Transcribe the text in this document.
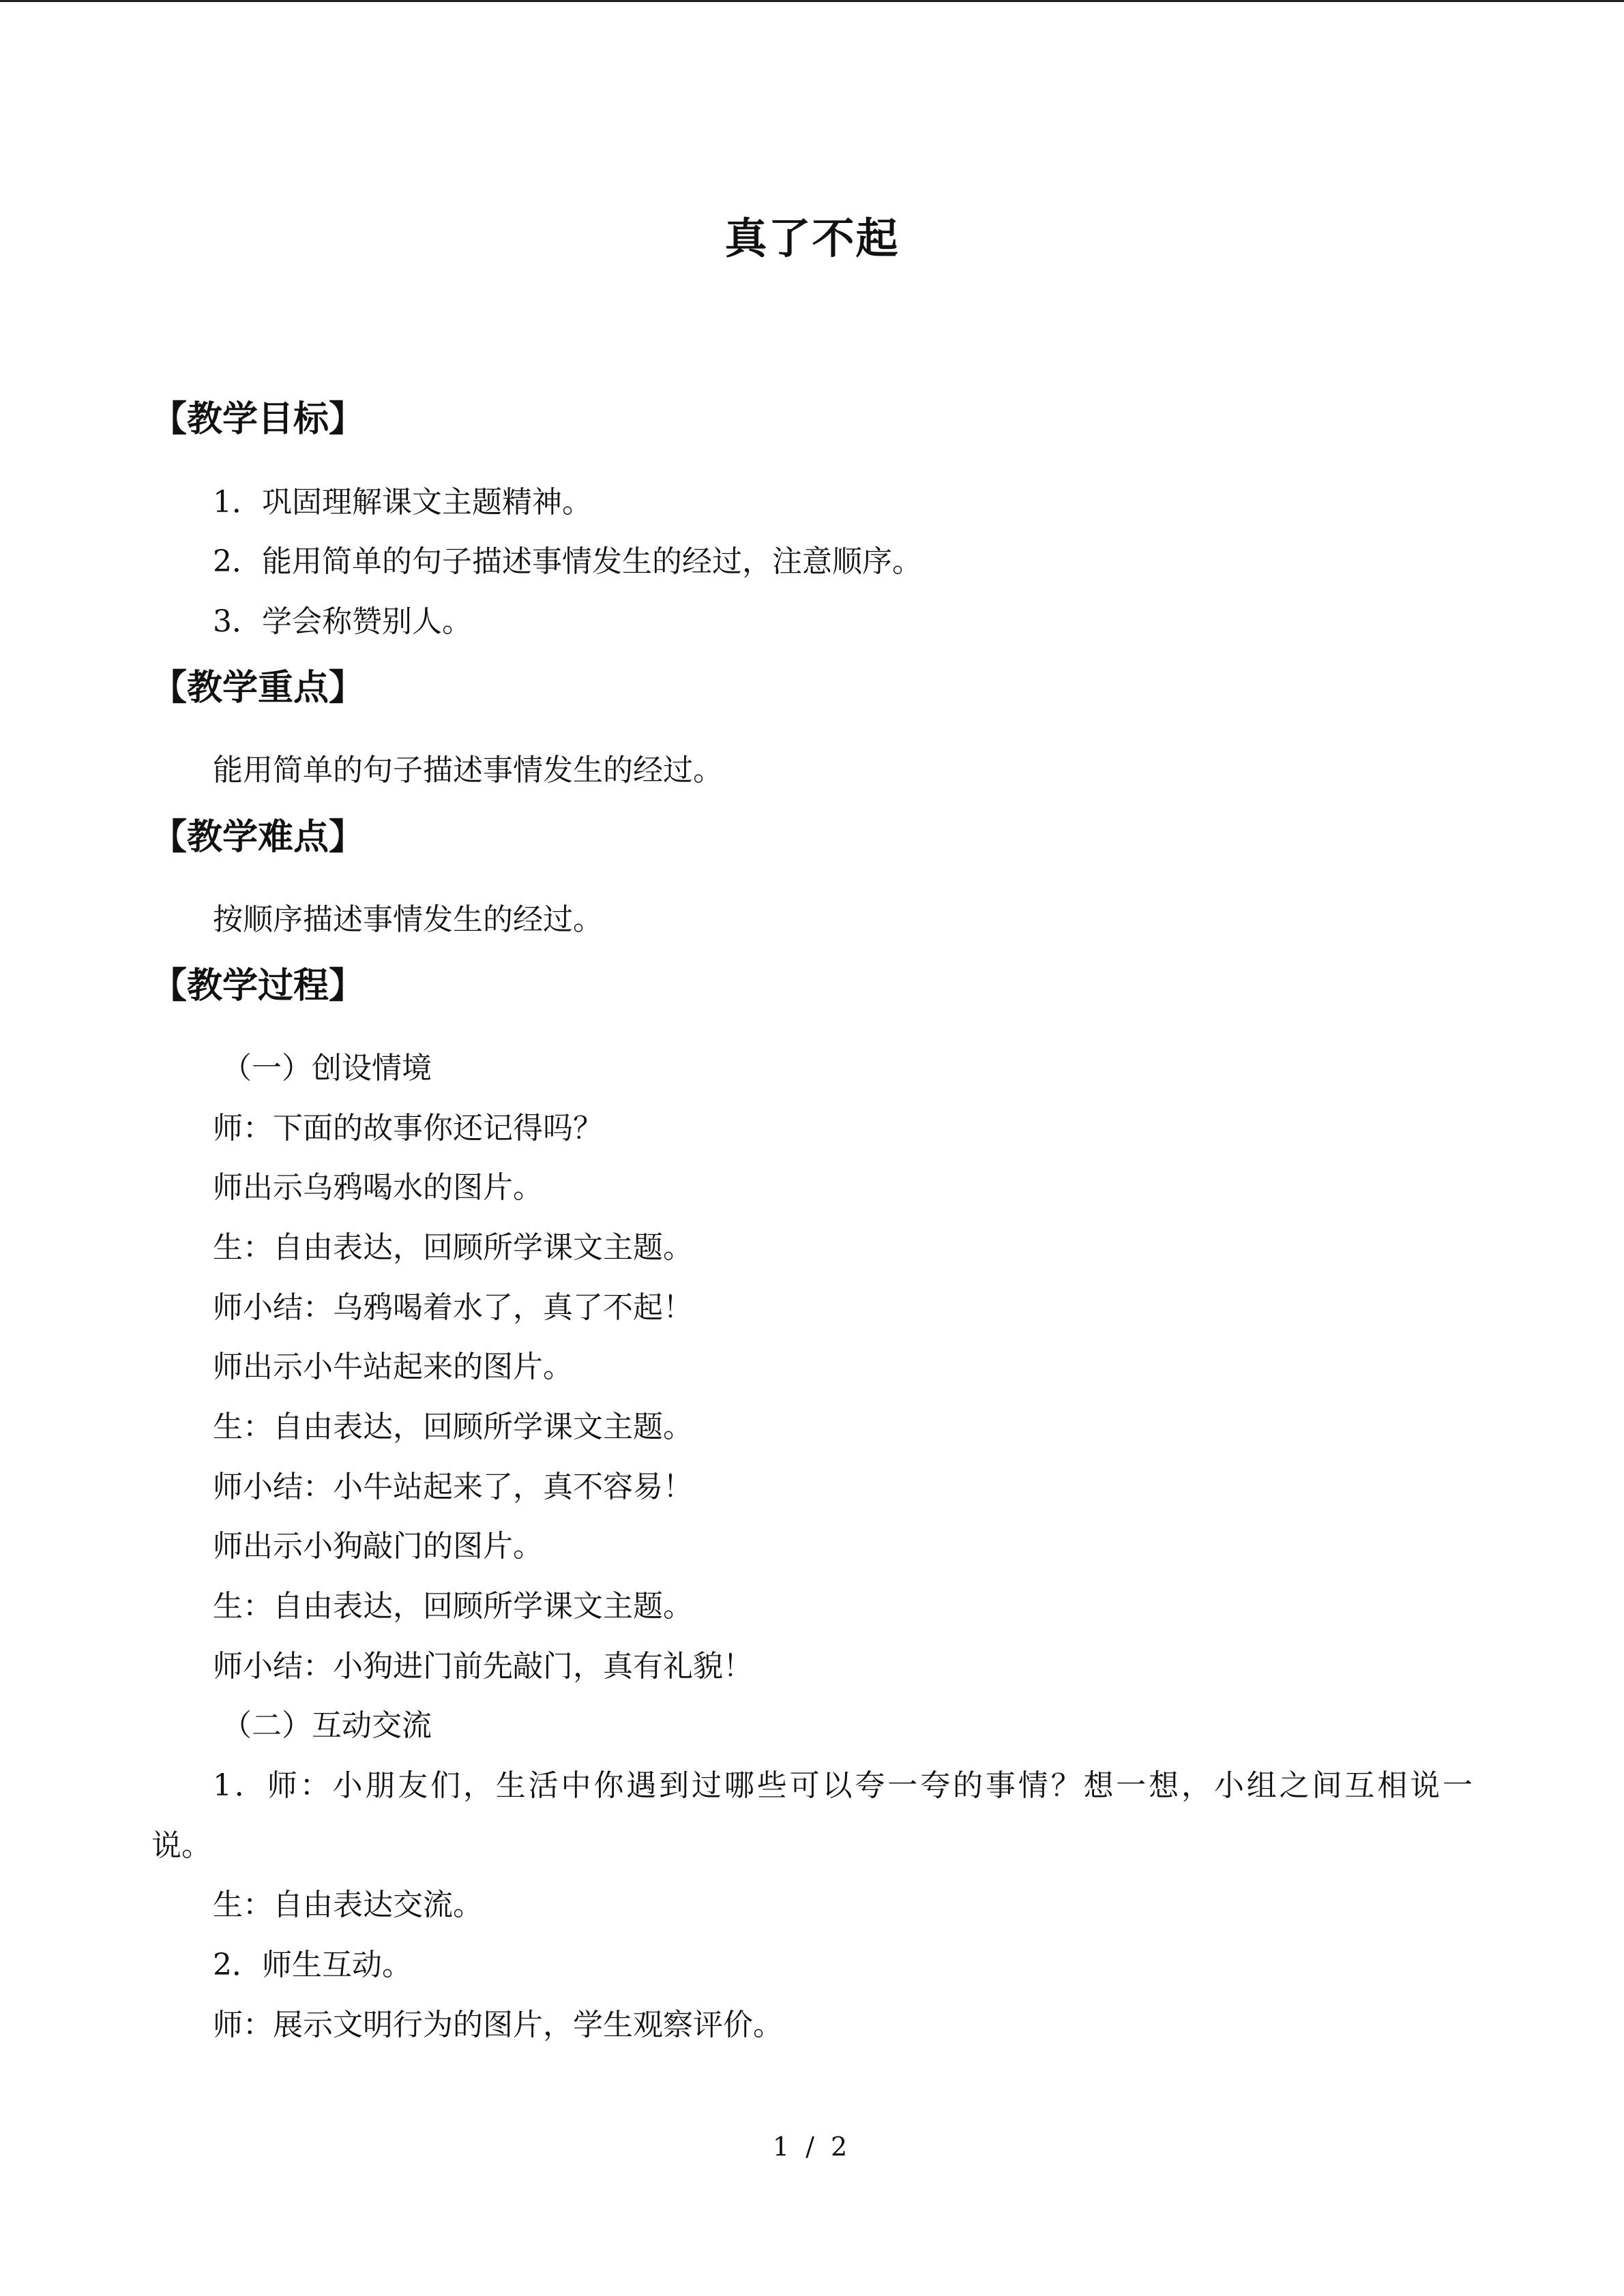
真了不起
【教学目标】
1．巩固理解课文主题精神。
2．能用简单的句子描述事情发生的经过，注意顺序。
3．学会称赞别人。
【教学重点】
能用简单的句子描述事情发生的经过。
【教学难点】
按顺序描述事情发生的经过。
【教学过程】
（一）创设情境
师：下面的故事你还记得吗？
师出示乌鸦喝水的图片。
生：自由表达，回顾所学课文主题。
师小结：乌鸦喝着水了，真了不起！
师出示小牛站起来的图片。
生：自由表达，回顾所学课文主题。
师小结：小牛站起来了，真不容易！
师出示小狗敲门的图片。
生：自由表达，回顾所学课文主题。
师小结：小狗进门前先敲门，真有礼貌！
（二）互动交流
1．师：小朋友们，生活中你遇到过哪些可以夸一夸的事情？想一想，小组之间互相说一
说。
生：自由表达交流。
2．师生互动。
师：展示文明行为的图片，学生观察评价。
1 / 2
